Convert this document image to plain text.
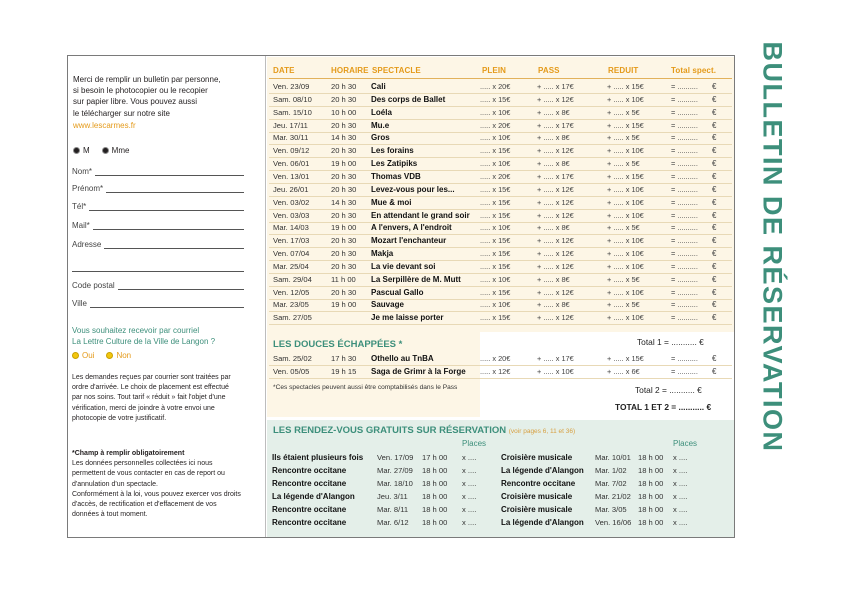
Merci de remplir un bulletin par personne,
si besoin le photocopier ou le recopier
sur papier libre. Vous pouvez aussi
le télécharger sur notre site
www.lescarmes.fr
M	Mme
Nom*
Prénom*
Tél*
Mail*
Adresse
Code postal
Ville
Vous souhaitez recevoir par courriel
La Lettre Culture de la Ville de Langon ?
Oui	Non
Les demandes reçues par courrier sont traitées par
ordre d'arrivée. Le choix de placement est effectué
par nos soins. Tout tarif « réduit » fait l'objet d'une
vérification, merci de joindre à votre envoi une
photocopie de votre justificatif.
*Champ à remplir obligatoirement
Les données personnelles collectées ici nous
permettent de vous contacter en cas de report ou
d'annulation d'un spectacle.
Conformément à la loi, vous pouvez exercer vos droits
d'accès, de rectification et d'effacement de vos
données à tout moment.
DATE	HORAIRE SPECTACLE	PLEIN	PASS	REDUIT	Total spect.
Ven. 23/09	20 h 30 Cali	..... x 20€	+ ..... x 17€	+ ..... x 15€	= .......... €
Sam. 08/10	20 h 30 Des corps de Ballet	..... x 15€	+ ..... x 12€	+ ..... x 10€	= .......... €
Sam. 15/10	10 h 00 Loéla	..... x 10€	+ ..... x 8€	+ ..... x 5€	= .......... €
Jeu. 17/11	20 h 30 Mu.e	..... x 20€	+ ..... x 17€	+ ..... x 15€	= .......... €
Mar. 30/11	14 h 30 Gros	..... x 10€	+ ..... x 8€	+ ..... x 5€	= .......... €
Ven. 09/12	20 h 30 Les forains	..... x 15€	+ ..... x 12€	+ ..... x 10€	= .......... €
Ven. 06/01	19 h 00 Les Zatipiks	..... x 10€	+ ..... x 8€	+ ..... x 5€	= .......... €
Ven. 13/01	20 h 30 Thomas VDB	..... x 20€	+ ..... x 17€	+ ..... x 15€	= .......... €
Jeu. 26/01	20 h 30 Levez-vous pour les...	..... x 15€	+ ..... x 12€	+ ..... x 10€	= .......... €
Ven. 03/02	14 h 30 Mue & moi	..... x 15€	+ ..... x 12€	+ ..... x 10€	= .......... €
Ven. 03/03	20 h 30 En attendant le grand soir ..... x 15€	+ ..... x 12€	+ ..... x 10€	= .......... €
Mar. 14/03	19 h 00 A l'envers, A l'endroit	..... x 10€	+ ..... x 8€	+ ..... x 5€	= .......... €
Ven. 17/03	20 h 30 Mozart l'enchanteur	..... x 15€	+ ..... x 12€	+ ..... x 10€	= .......... €
Ven. 07/04	20 h 30 Makja	..... x 15€	+ ..... x 12€	+ ..... x 10€	= .......... €
Mar. 25/04	20 h 30 La vie devant soi	..... x 15€	+ ..... x 12€	+ ..... x 10€	= .......... €
Sam. 29/04	11 h 00 La Serpillère de M. Mutt	..... x 10€	+ ..... x 8€	+ ..... x 5€	= .......... €
Ven. 12/05	20 h 30 Pascual Gallo	..... x 15€	+ ..... x 12€	+ ..... x 10€	= .......... €
Mar. 23/05	19 h 00 Sauvage	..... x 10€	+ ..... x 8€	+ ..... x 5€	= .......... €
Sam. 27/05	Je me laisse porter	..... x 15€	+ ..... x 12€	+ ..... x 10€	= .......... €
Total 1 = ........... €
LES DOUCES ÉCHAPPÉES *
Sam. 25/02	17 h 30 Othello au TnBA	..... x 20€	+ ..... x 17€	+ ..... x 15€	= .......... €
Ven. 05/05	19 h 15 Saga de Grimr à la Forge ..... x 12€	+ ..... x 10€	+ ..... x 6€	= .......... €
*Ces spectacles peuvent aussi être comptabilisés dans le Pass	Total 2 = ........... €
TOTAL 1 ET 2 = ........... €
LES RENDEZ-VOUS GRATUITS SUR RÉSERVATION (voir pages 6, 11 et 36)
Places	Places
Ils étaient plusieurs fois Ven. 17/09 17 h 00 x ....	Croisière musicale	Mar. 10/01 18 h 00 x ....
Rencontre occitane	Mar. 27/09 18 h 00 x ....	La légende d'Alangon Mar. 1/02 18 h 00 x ....
Rencontre occitane	Mar. 18/10 18 h 00 x ....	Rencontre occitane	Mar. 7/02 18 h 00 x ....
La légende d'Alangon	Jeu. 3/11 18 h 00 x ....	Croisière musicale	Mar. 21/02 18 h 00 x ....
Rencontre occitane	Mar. 8/11 18 h 00 x ....	Croisière musicale	Mar. 3/05 18 h 00 x ....
Rencontre occitane	Mar. 6/12 18 h 00 x ....	La légende d'Alangon Ven. 16/06 18 h 00 x ....
BULLETIN DE RÉSERVATION
